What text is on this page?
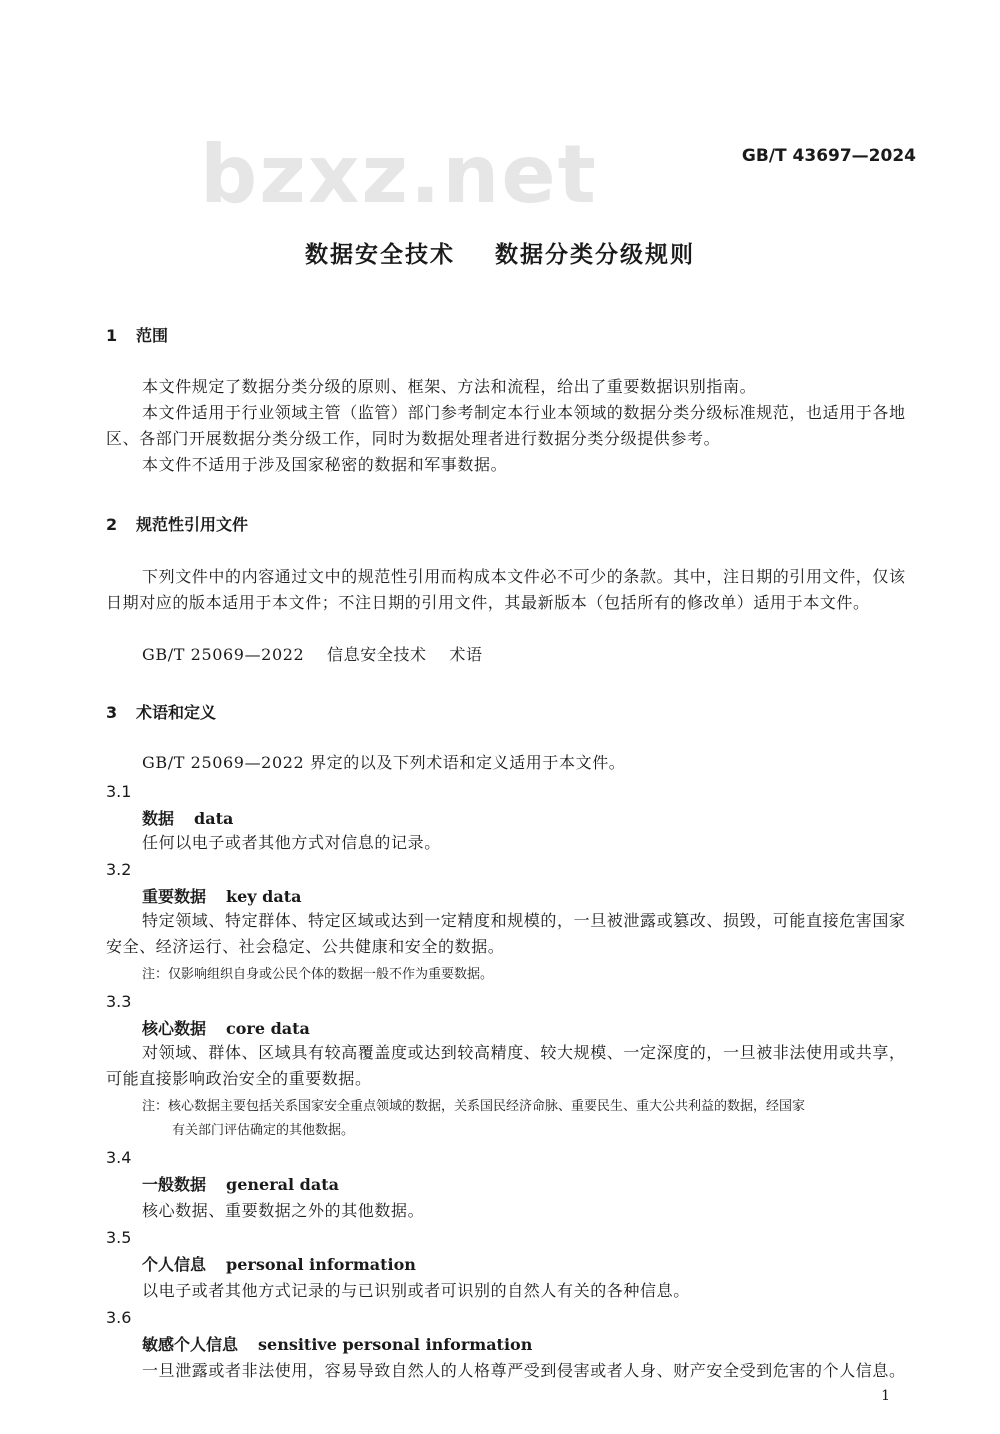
bzxz.net	GB/T 43697—2024
数据安全技术    数据分类分级规则
1 范围
本文件规定了数据分类分级的原则、框架、方法和流程，给出了重要数据识别指南。
本文件适用于行业领域主管（监管）部门参考制定本行业本领域的数据分类分级标准规范，也适用于各地区、各部门开展数据分类分级工作，同时为数据处理者进行数据分类分级提供参考。
本文件不适用于涉及国家秘密的数据和军事数据。
2 规范性引用文件
下列文件中的内容通过文中的规范性引用而构成本文件必不可少的条款。其中，注日期的引用文件，仅该日期对应的版本适用于本文件；不注日期的引用文件，其最新版本（包括所有的修改单）适用于本文件。
GB/T 25069—2022    信息安全技术    术语
3 术语和定义
GB/T 25069—2022 界定的以及下列术语和定义适用于本文件。
3.1
数据 data
任何以电子或者其他方式对信息的记录。
3.2
重要数据 key data
特定领域、特定群体、特定区域或达到一定精度和规模的，一旦被泄露或篡改、损毁，可能直接危害国家安全、经济运行、社会稳定、公共健康和安全的数据。
注：仅影响组织自身或公民个体的数据一般不作为重要数据。
3.3
核心数据 core data
对领域、群体、区域具有较高覆盖度或达到较高精度、较大规模、一定深度的，一旦被非法使用或共享，可能直接影响政治安全的重要数据。
注：核心数据主要包括关系国家安全重点领域的数据，关系国民经济命脉、重要民生、重大公共利益的数据，经国家
有关部门评估确定的其他数据。
3.4
一般数据 general data
核心数据、重要数据之外的其他数据。
3.5
个人信息 personal information
以电子或者其他方式记录的与已识别或者可识别的自然人有关的各种信息。
3.6
敏感个人信息 sensitive personal information
一旦泄露或者非法使用，容易导致自然人的人格尊严受到侵害或者人身、财产安全受到危害的个人信息。
1
